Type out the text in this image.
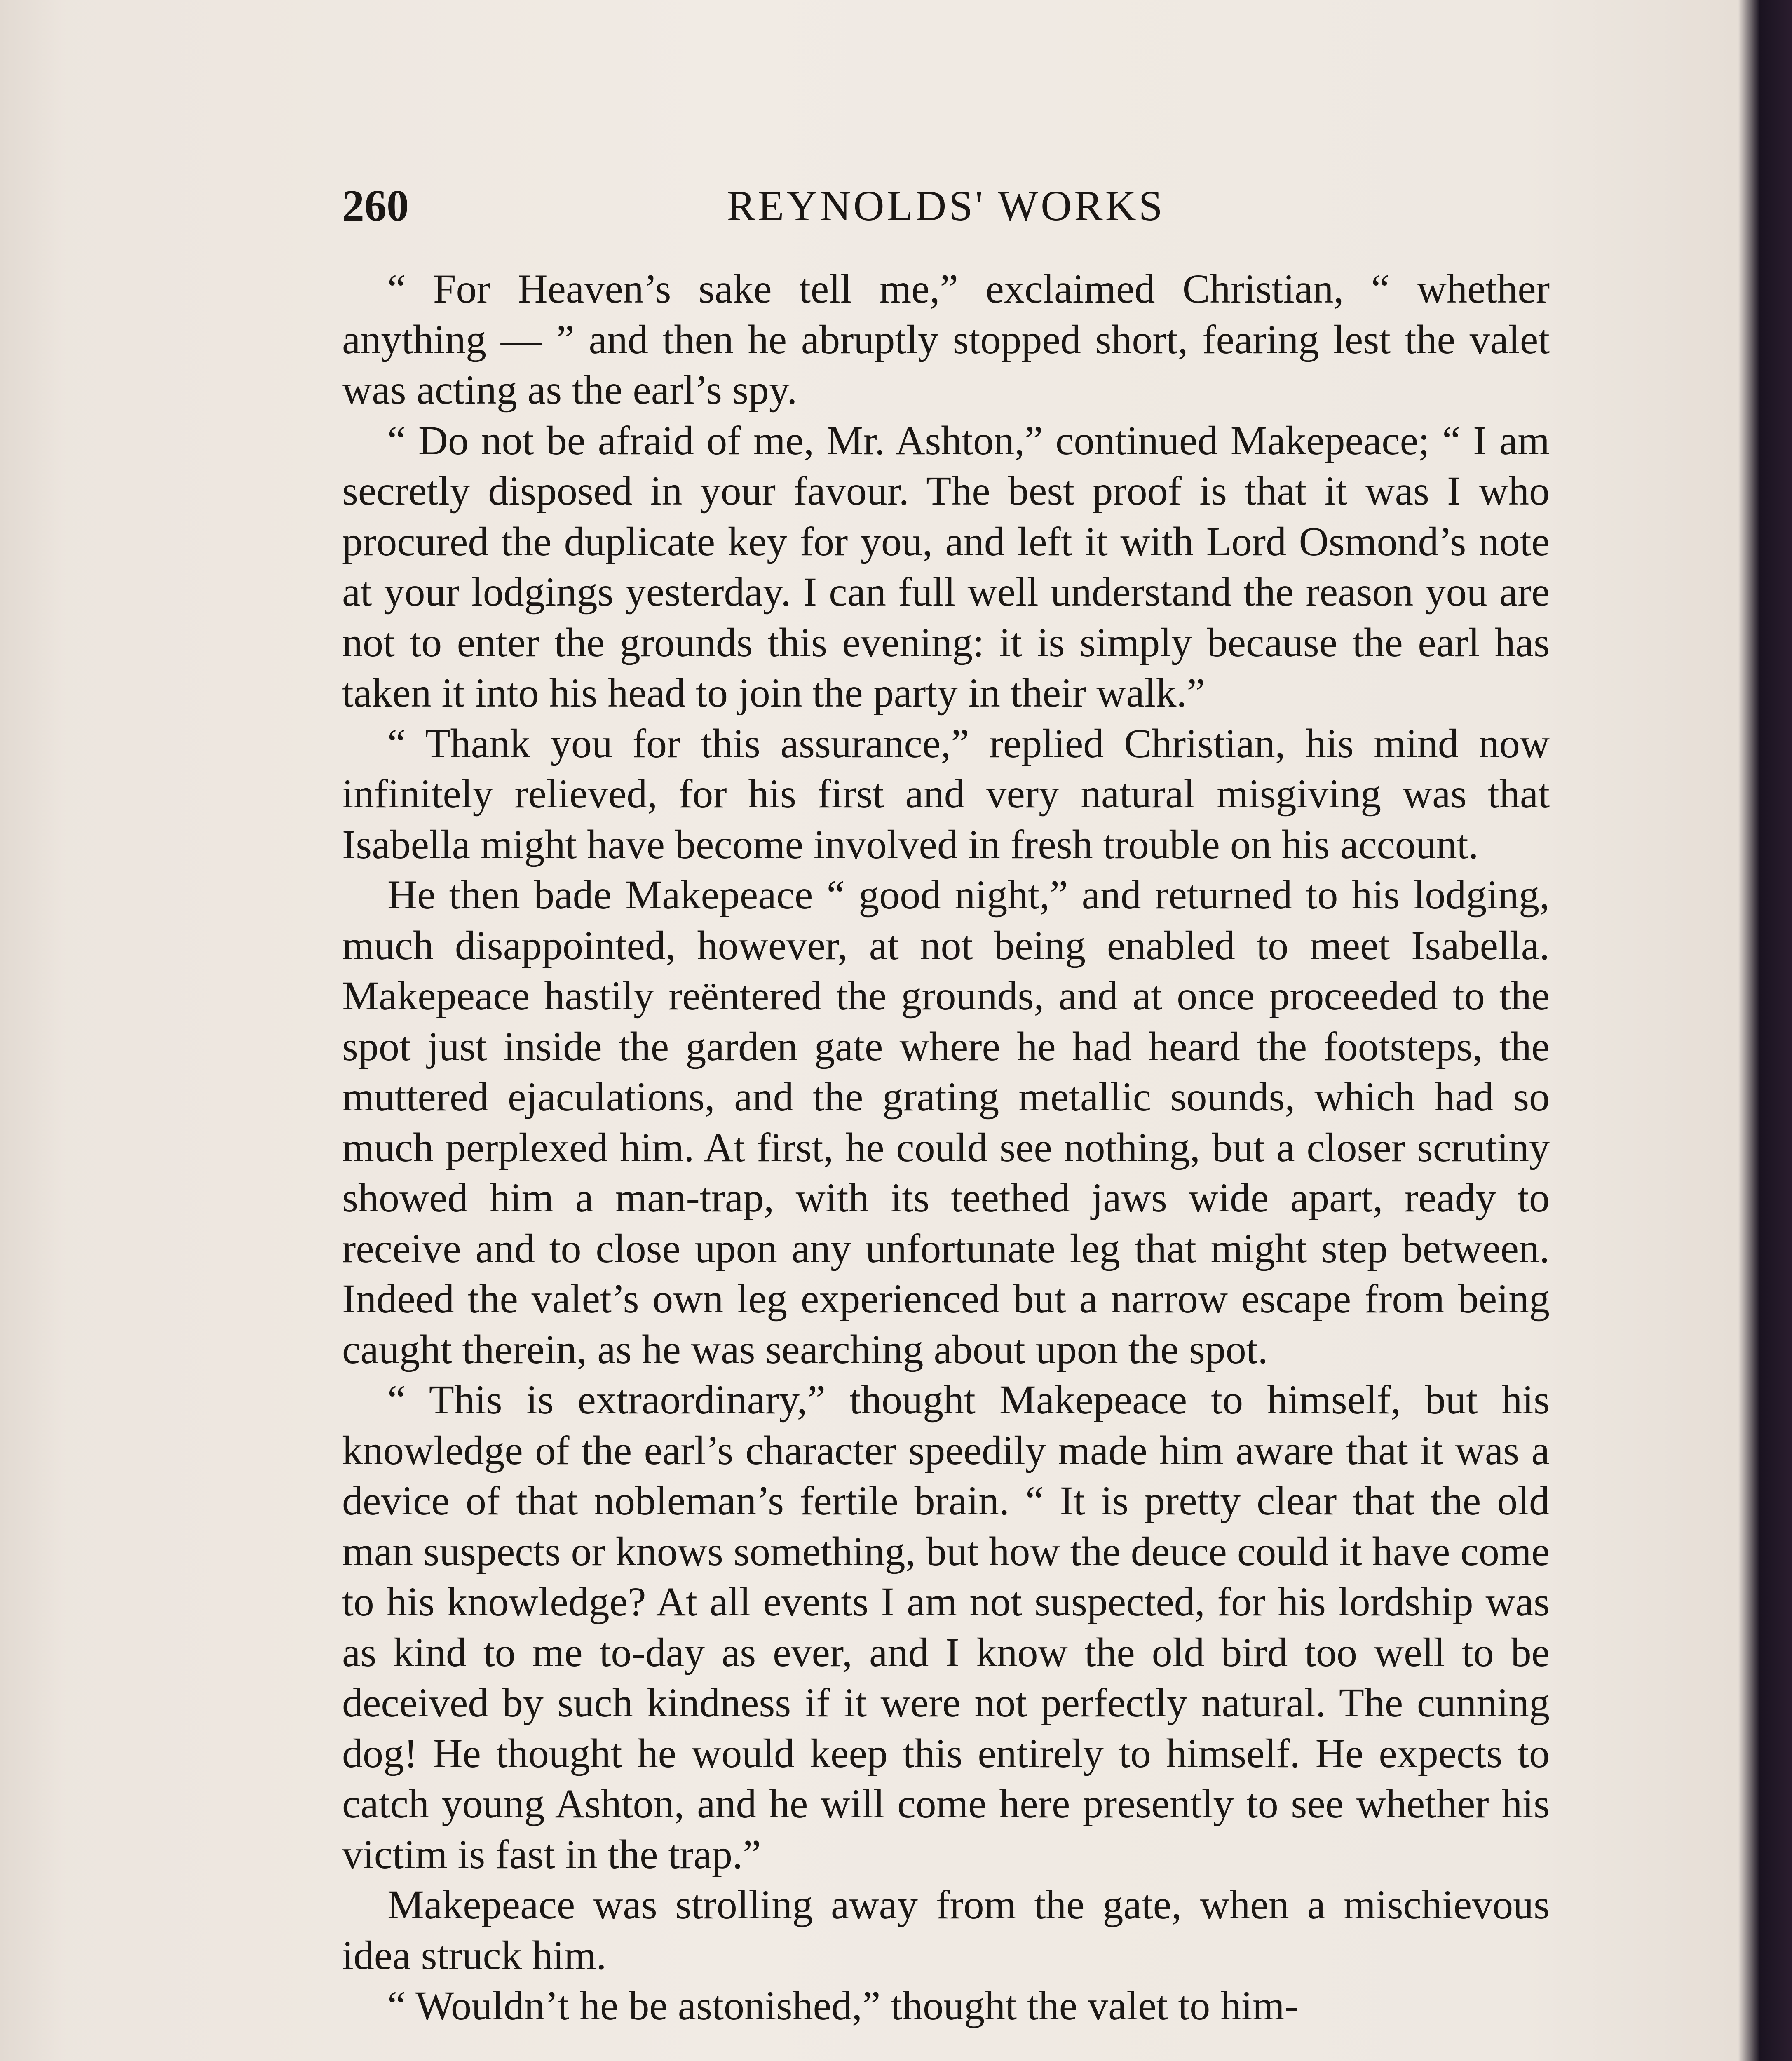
260	REYNOLDS' WORKS

“ For Heaven’s sake tell me,” exclaimed Christian, “ whether anything — ” and then he abruptly stopped short, fearing lest the valet was acting as the earl’s spy.

“ Do not be afraid of me, Mr. Ashton,” continued Makepeace; “ I am secretly disposed in your favour. The best proof is that it was I who procured the duplicate key for you, and left it with Lord Osmond’s note at your lodgings yesterday. I can full well understand the reason you are not to enter the grounds this evening: it is simply because the earl has taken it into his head to join the party in their walk.”

“ Thank you for this assurance,” replied Christian, his mind now infinitely relieved, for his first and very natural misgiving was that Isabella might have become involved in fresh trouble on his account.

He then bade Makepeace “ good night,” and returned to his lodging, much disappointed, however, at not being enabled to meet Isabella. Makepeace hastily reëntered the grounds, and at once proceeded to the spot just inside the garden gate where he had heard the footsteps, the muttered ejaculations, and the grating metallic sounds, which had so much perplexed him. At first, he could see nothing, but a closer scrutiny showed him a man-trap, with its teethed jaws wide apart, ready to receive and to close upon any unfortunate leg that might step between. Indeed the valet’s own leg experienced but a narrow escape from being caught therein, as he was searching about upon the spot.

“ This is extraordinary,” thought Makepeace to himself, but his knowledge of the earl’s character speedily made him aware that it was a device of that nobleman’s fertile brain. “ It is pretty clear that the old man suspects or knows something, but how the deuce could it have come to his knowledge? At all events I am not suspected, for his lordship was as kind to me to-day as ever, and I know the old bird too well to be deceived by such kindness if it were not perfectly natural. The cunning dog! He thought he would keep this entirely to himself. He expects to catch young Ashton, and he will come here presently to see whether his victim is fast in the trap.”

Makepeace was strolling away from the gate, when a mischievous idea struck him.

“ Wouldn’t he be astonished,” thought the valet to him-
